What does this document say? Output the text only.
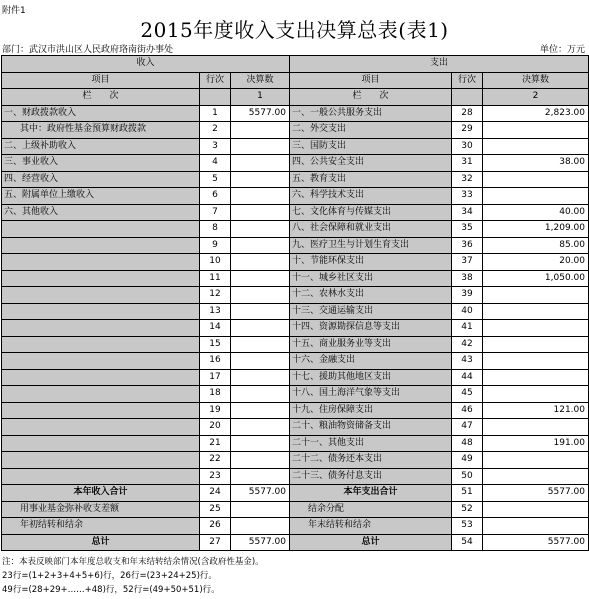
附件1
2015年度收入支出决算总表(表1)
部门：武汉市洪山区人民政府珞南街办事处	单位：万元
收入			支出		
项目	行次	决算数	项目	行次	决算数
栏　　次		1	栏　　次		2
一、财政拨款收入	1	5577.00	一、一般公共服务支出	28	2,823.00
其中：政府性基金预算财政拨款	2		二、外交支出	29	
二、上级补助收入	3		三、国防支出	30	
三、事业收入	4		四、公共安全支出	31	38.00
四、经营收入	5		五、教育支出	32	
五、附属单位上缴收入	6		六、科学技术支出	33	
六、其他收入	7		七、文化体育与传媒支出	34	40.00
	8		八、社会保障和就业支出	35	1,209.00
	9		九、医疗卫生与计划生育支出	36	85.00
	10		十、节能环保支出	37	20.00
	11		十一、城乡社区支出	38	1,050.00
	12		十二、农林水支出	39	
	13		十三、交通运输支出	40	
	14		十四、资源勘探信息等支出	41	
	15		十五、商业服务业等支出	42	
	16		十六、金融支出	43	
	17		十七、援助其他地区支出	44	
	18		十八、国土海洋气象等支出	45	
	19		十九、住房保障支出	46	121.00
	20		二十、粮油物资储备支出	47	
	21		二十一、其他支出	48	191.00
	22		二十二、债务还本支出	49	
	23		二十三、债务付息支出	50	
本年收入合计	24	5577.00	本年支出合计	51	5577.00
用事业基金弥补收支差额	25		结余分配	52	
年初结转和结余	26		年末结转和结余	53	
总计	27	5577.00	总计	54	5577.00
注：本表反映部门本年度总收支和年末结转结余情况(含政府性基金)。
23行=(1+2+3+4+5+6)行，26行=(23+24+25)行。
49行=(28+29+……+48)行，52行=(49+50+51)行。
